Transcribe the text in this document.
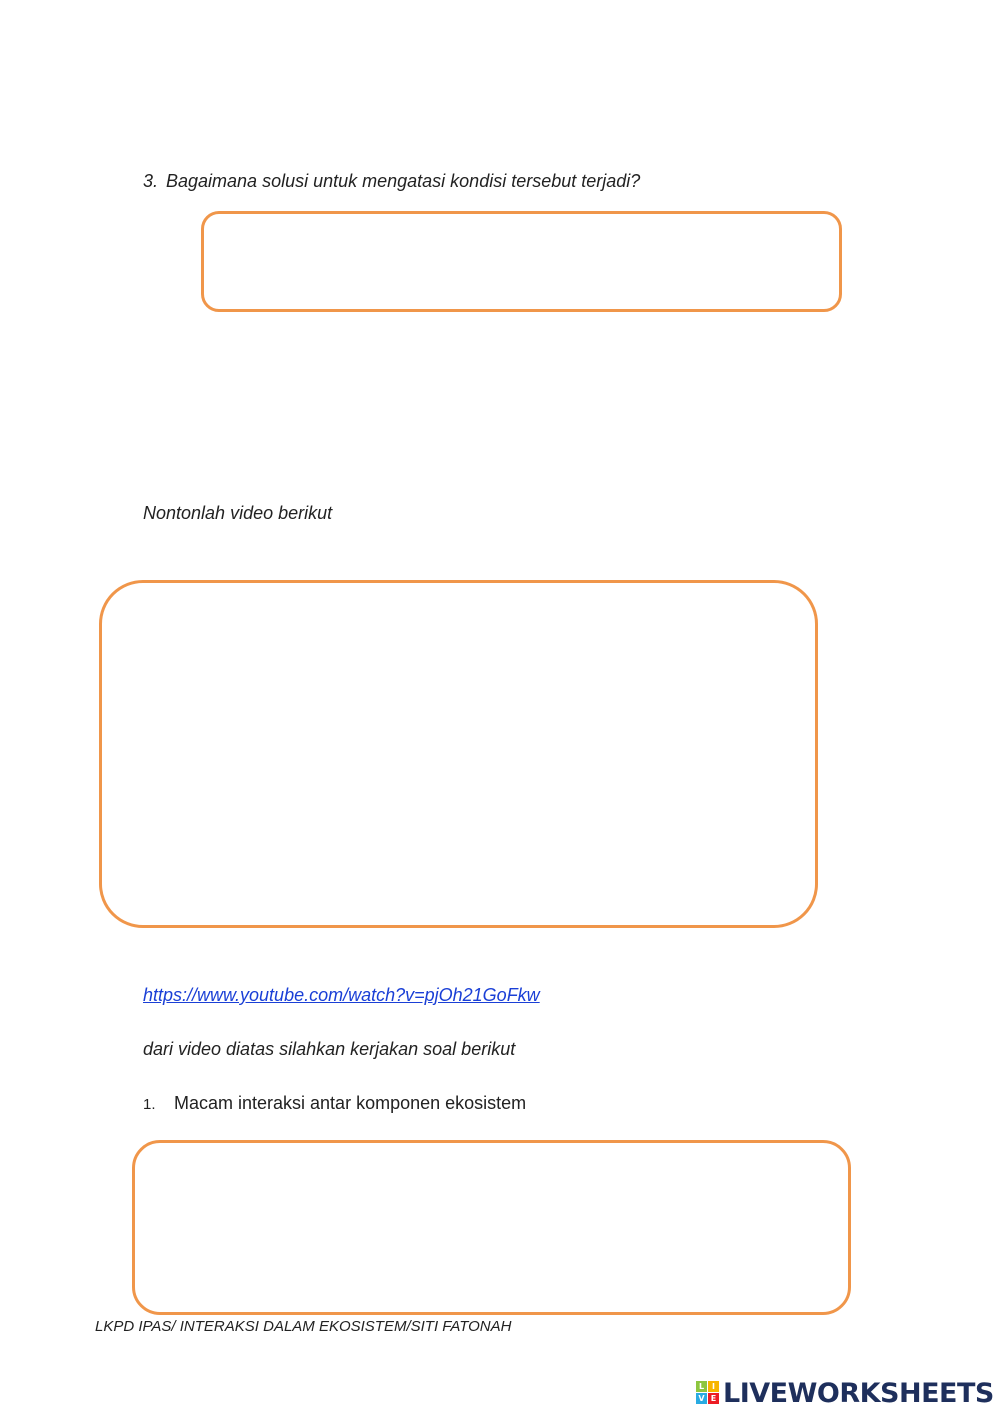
3. Bagaimana solusi untuk mengatasi kondisi tersebut terjadi?
Nontonlah video berikut
https://www.youtube.com/watch?v=pjOh21GoFkw
dari video diatas silahkan kerjakan soal berikut
1. Macam interaksi antar komponen ekosistem
LKPD IPAS/ INTERAKSI DALAM EKOSISTEM/SITI FATONAH
L I
V E LIVEWORKSHEETS
